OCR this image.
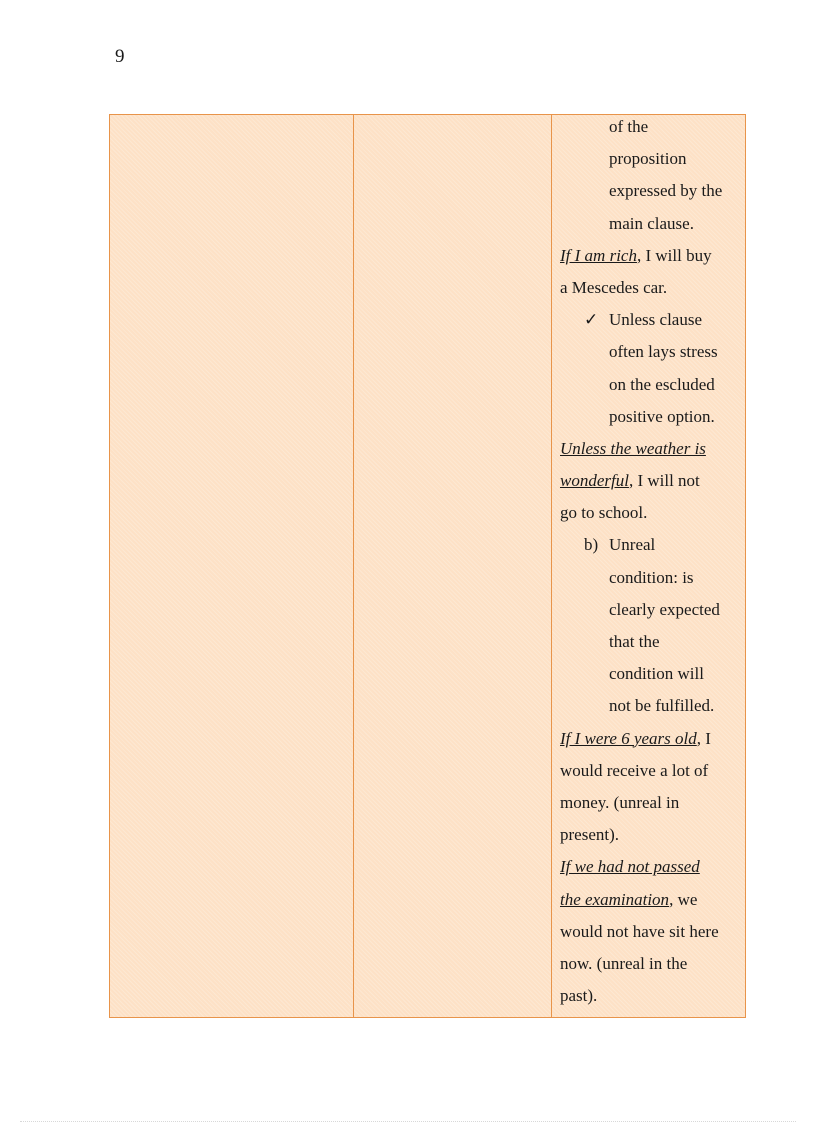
9
of the
proposition
expressed by the
main clause.
If I am rich, I will buy
a Mescedes car.
✓ Unless clause
often lays stress
on the escluded
positive option.
Unless the weather is
wonderful, I will not
go to school.
b) Unreal
condition: is
clearly expected
that the
condition will
not be fulfilled.
If I were 6 years old, I
would receive a lot of
money. (unreal in
present).
If we had not passed
the examination, we
would not have sit here
now. (unreal in the
past).
